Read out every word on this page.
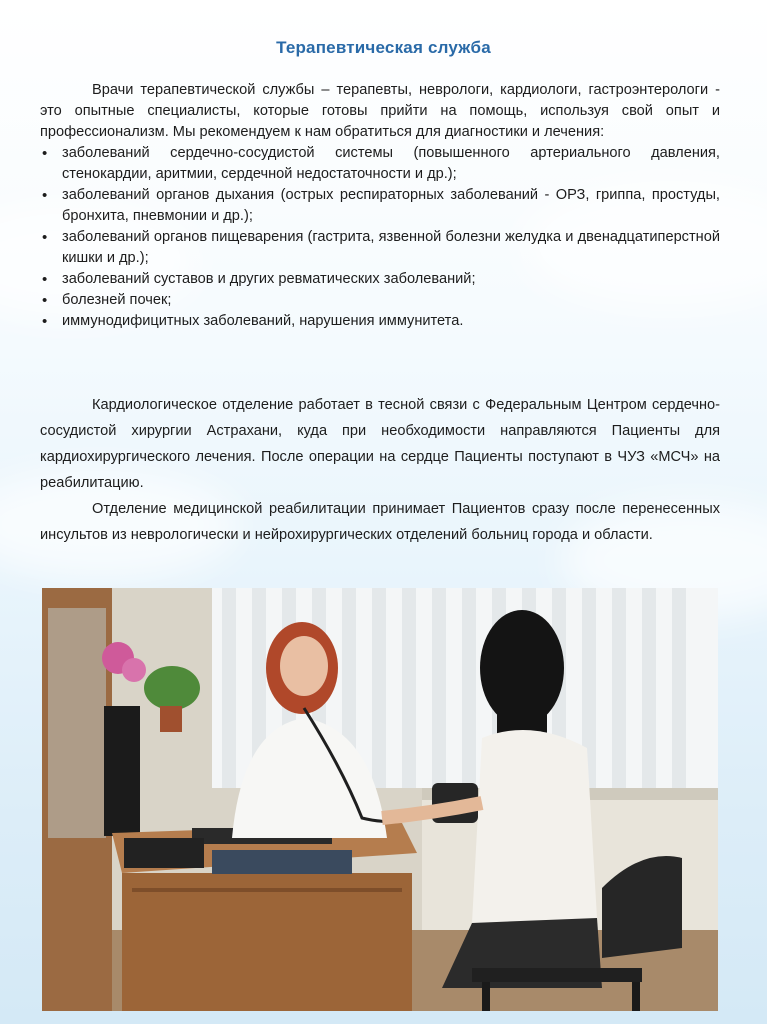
Терапевтическая служба

Врачи терапевтической службы – терапевты, неврологи, кардиологи, гастроэнтерологи - это опытные специалисты, которые готовы прийти на помощь, используя свой опыт и профессионализм. Мы рекомендуем к нам обратиться для диагностики и лечения:

• заболеваний сердечно-сосудистой системы (повышенного артериального давления, стенокардии, аритмии, сердечной недостаточности и др.);
• заболеваний органов дыхания (острых респираторных заболеваний - ОРЗ, гриппа, простуды, бронхита, пневмонии и др.);
• заболеваний органов пищеварения (гастрита, язвенной болезни желудка и двенадцатиперстной кишки и др.);
• заболеваний суставов и других ревматических заболеваний;
• болезней почек;
• иммунодифицитных заболеваний, нарушения иммунитета.

Кардиологическое отделение работает в тесной связи с Федеральным Центром сердечно-сосудистой хирургии Астрахани, куда при необходимости направляются Пациенты для кардиохирургического лечения. После операции на сердце Пациенты поступают в ЧУЗ «МСЧ» на реабилитацию.

Отделение медицинской реабилитации принимает Пациентов сразу после перенесенных инсультов из неврологически и нейрохирургических отделений больниц города и области.
